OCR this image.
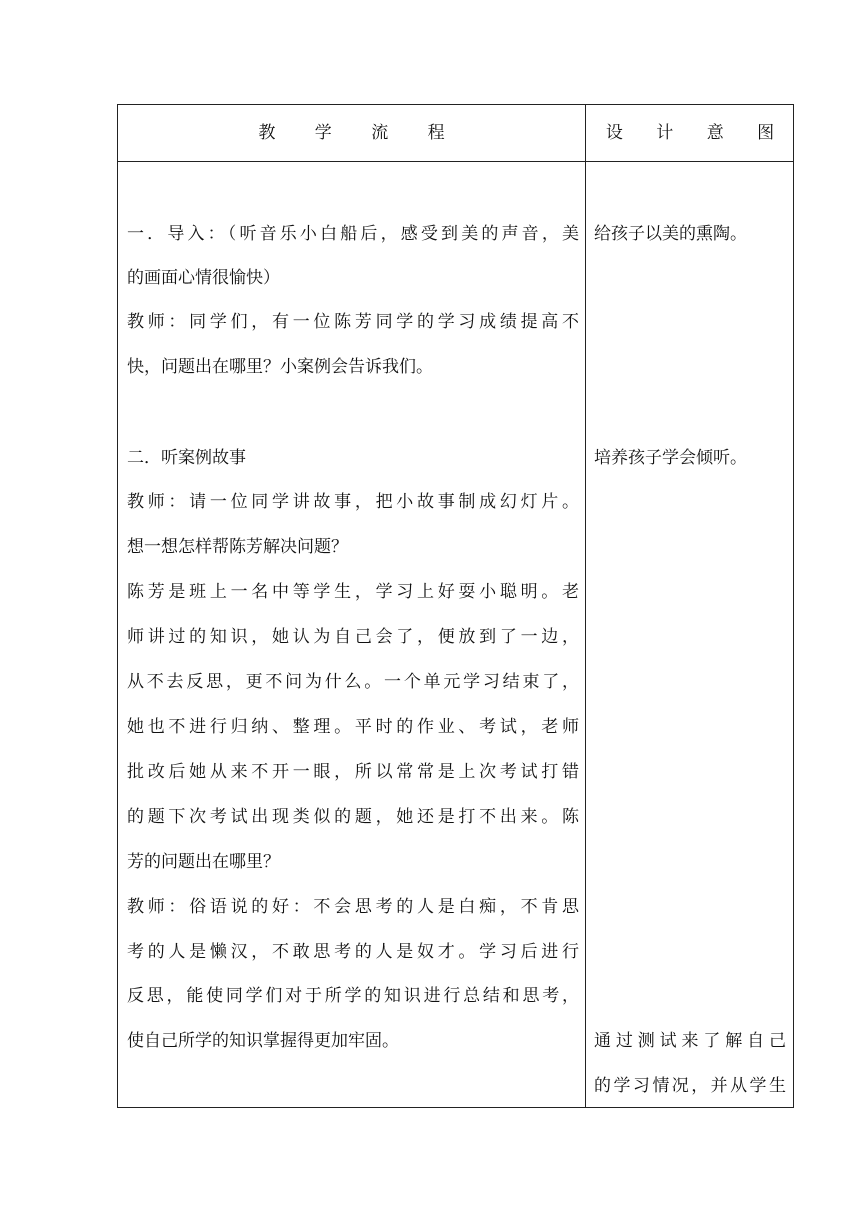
教 学 流 程	设 计 意 图
一．导入：（听音乐小白船后，感受到美的声音，美
的画面心情很愉快）
教师：同学们，有一位陈芳同学的学习成绩提高不
快，问题出在哪里？小案例会告诉我们。
二．听案例故事
教师：请一位同学讲故事，把小故事制成幻灯片。
想一想怎样帮陈芳解决问题？
陈芳是班上一名中等学生，学习上好耍小聪明。老
师讲过的知识，她认为自己会了，便放到了一边，
从不去反思，更不问为什么。一个单元学习结束了，
她也不进行归纳、整理。平时的作业、考试，老师
批改后她从来不开一眼，所以常常是上次考试打错
的题下次考试出现类似的题，她还是打不出来。陈
芳的问题出在哪里？
教师：俗语说的好：不会思考的人是白痴，不肯思
考的人是懒汉，不敢思考的人是奴才。学习后进行
反思，能使同学们对于所学的知识进行总结和思考，
使自己所学的知识掌握得更加牢固。
给孩子以美的熏陶。
培养孩子学会倾听。
通过测试来了解自己
的学习情况，并从学生
